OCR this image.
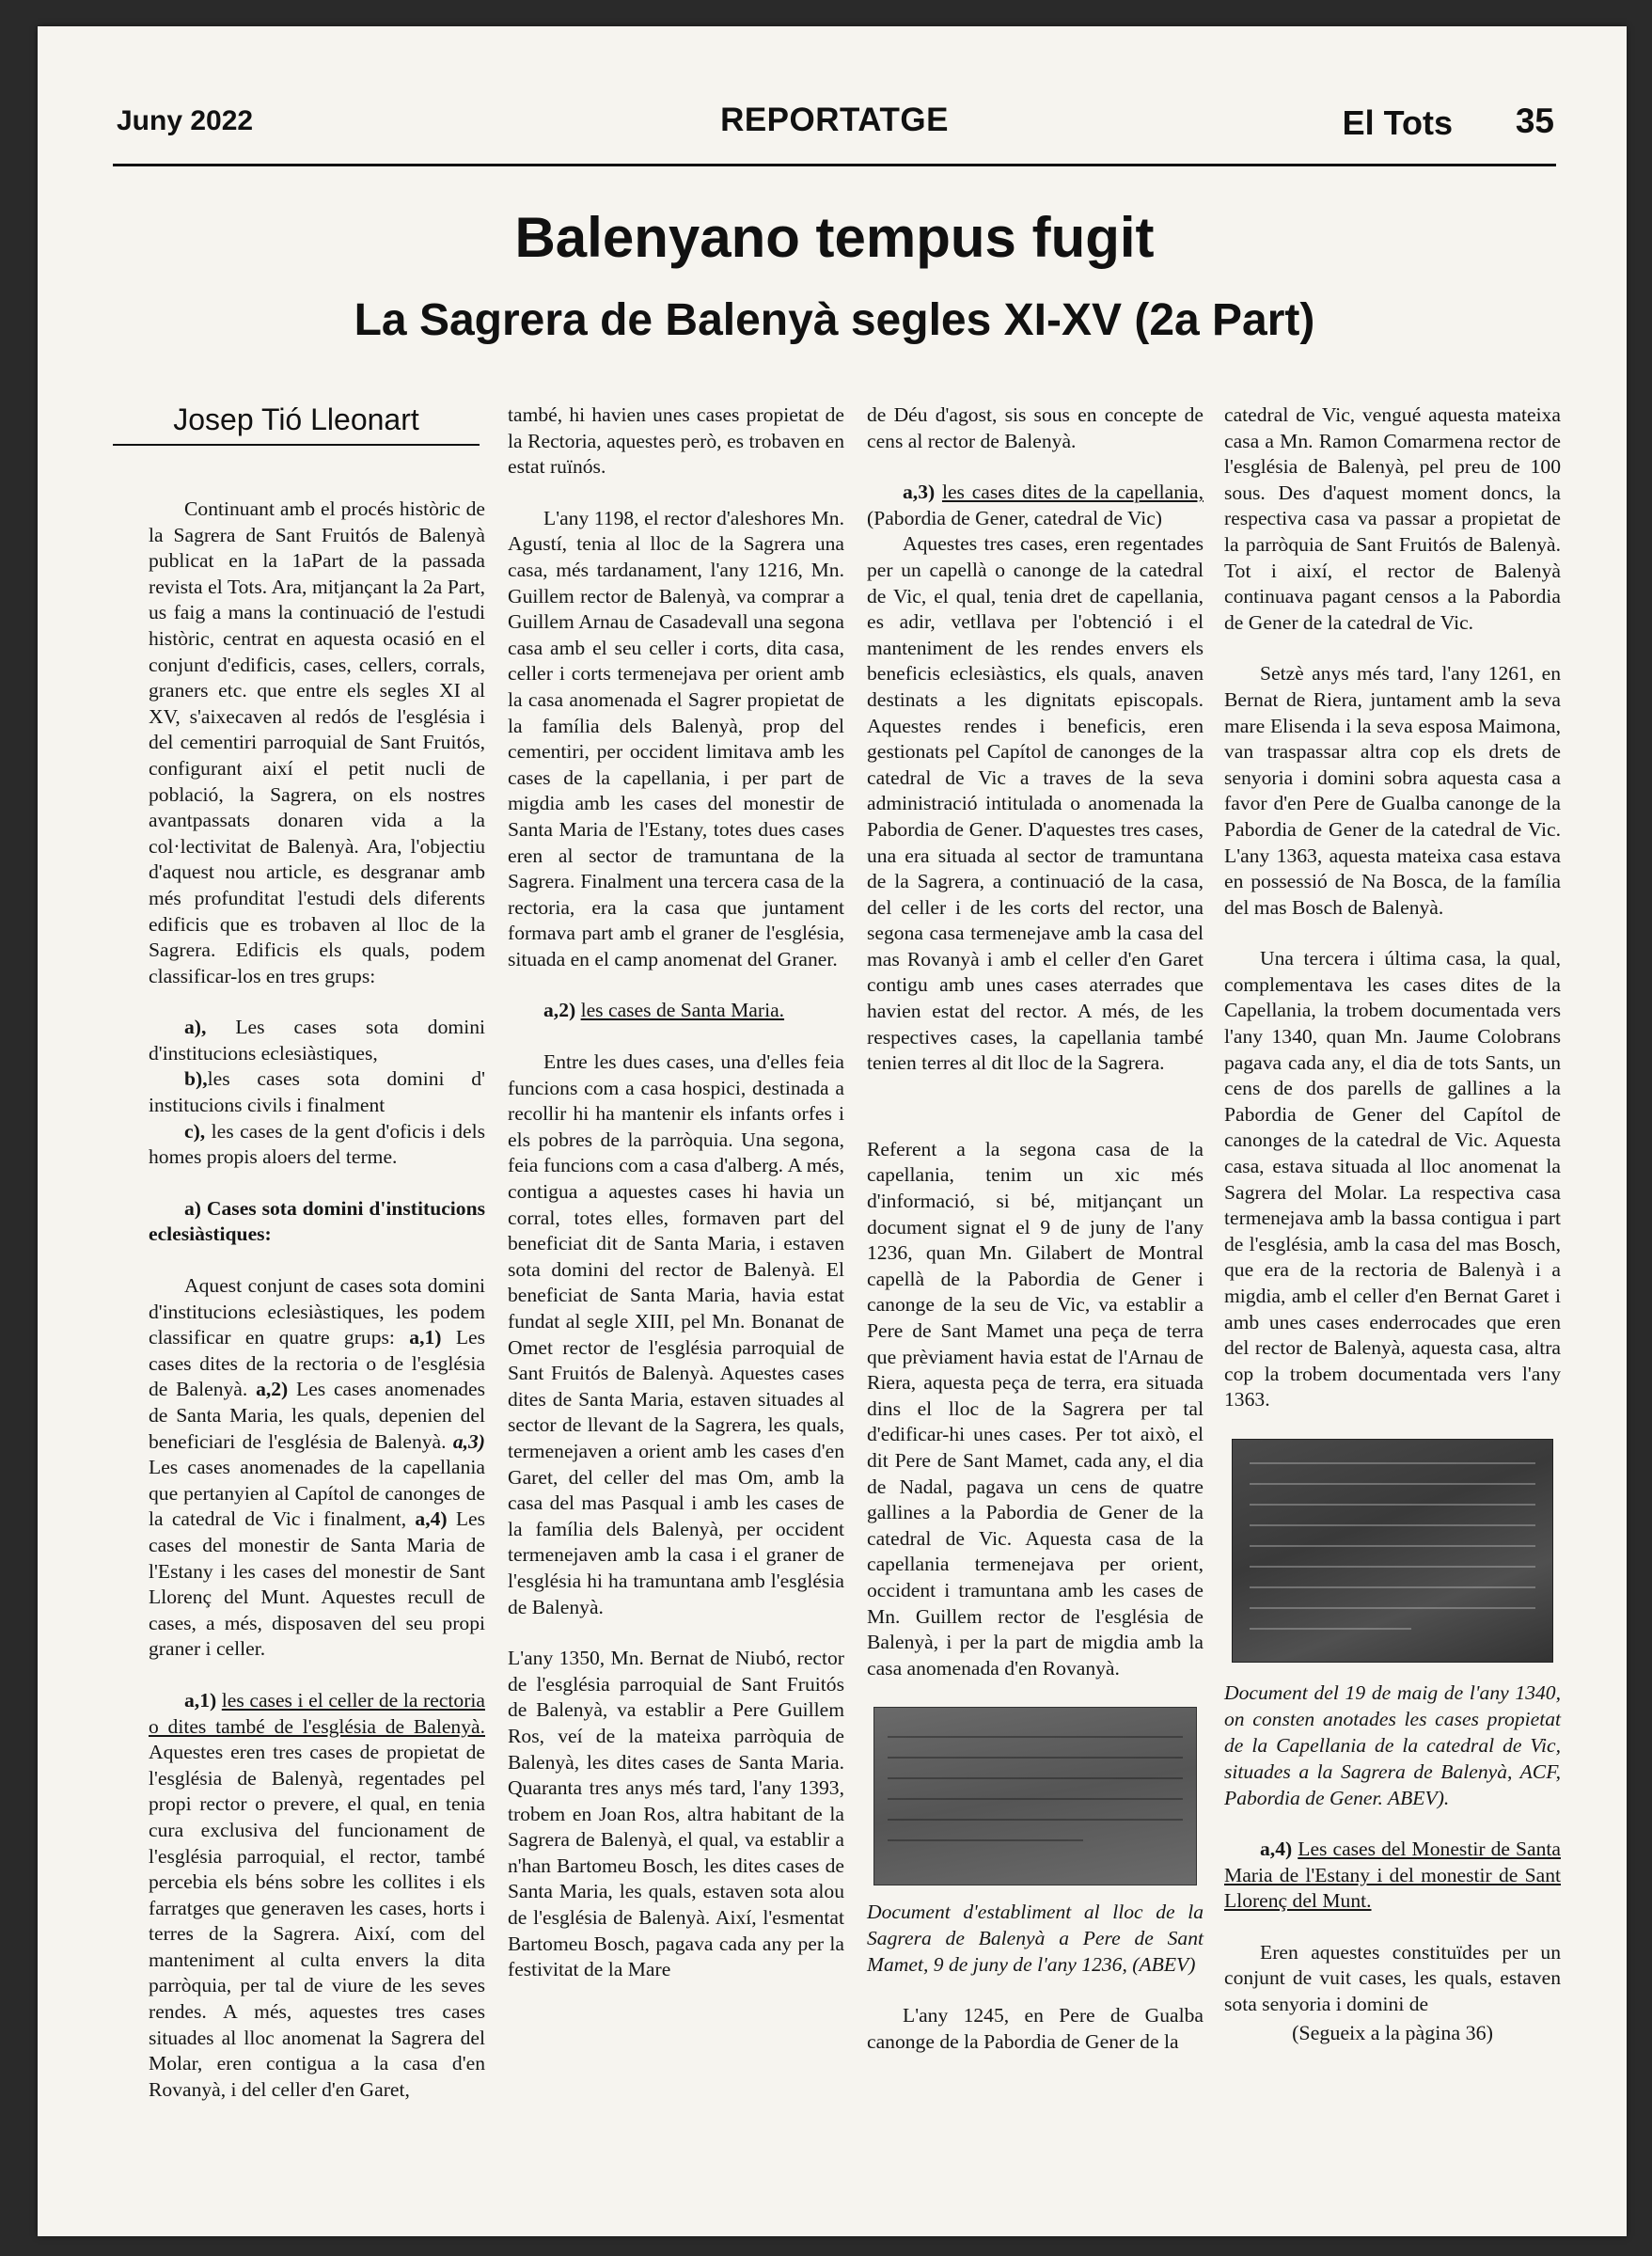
Juny 2022	REPORTATGE	El Tots 35
Balenyano tempus fugit
La Sagrera de Balenyà segles XI-XV (2a Part)
Josep Tió Lleonart

Continuant amb el procés històric de la Sagrera de Sant Fruitós de Balenyà publicat en la 1aPart de la passada revista el Tots. Ara, mitjançant la 2a Part, us faig a mans la continuació de l'estudi històric, centrat en aquesta ocasió en el conjunt d'edificis, cases, cellers, corrals, graners etc. que entre els segles XI al XV, s'aixecaven al redós de l'església i del cementiri parroquial de Sant Fruitós, configurant així el petit nucli de població, la Sagrera, on els nostres avantpassats donaren vida a la col·lectivitat de Balenyà. Ara, l'objectiu d'aquest nou article, es desgranar amb més profunditat l'estudi dels diferents edificis que es trobaven al lloc de la Sagrera. Edificis els quals, podem classificar-los en tres grups:

a), Les cases sota domini d'institucions eclesiàstiques,

b),les cases sota domini d' institucions civils i finalment

c), les cases de la gent d'oficis i dels homes propis aloers del terme.

a) Cases sota domini d'institucions eclesiàstiques:

Aquest conjunt de cases sota domini d'institucions eclesiàstiques, les podem classificar en quatre grups: a,1) Les cases dites de la rectoria o de l'església de Balenyà. a,2) Les cases anomenades de Santa Maria, les quals, depenien del beneficiari de l'església de Balenyà. a,3) Les cases anomenades de la capellania que pertanyien al Capítol de canonges de la catedral de Vic i finalment, a,4) Les cases del monestir de Santa Maria de l'Estany i les cases del monestir de Sant Llorenç del Munt. Aquestes recull de cases, a més, disposaven del seu propi graner i celler.

a,1) les cases i el celler de la rectoria o dites també de l'església de Balenyà. Aquestes eren tres cases de propietat de l'església de Balenyà, regentades pel propi rector o prevere, el qual, en tenia cura exclusiva del funcionament de l'església parroquial, el rector, també percebia els béns sobre les collites i els farratges que generaven les cases, horts i terres de la Sagrera. Així, com del manteniment al culta envers la dita parròquia, per tal de viure de les seves rendes. A més, aquestes tres cases situades al lloc anomenat la Sagrera del Molar, eren contigua a la casa d'en Rovanyà, i del celler d'en Garet,

també, hi havien unes cases propietat de la Rectoria, aquestes però, es trobaven en estat ruïnós.

L'any 1198, el rector d'aleshores Mn. Agustí, tenia al lloc de la Sagrera una casa, més tardanament, l'any 1216, Mn. Guillem rector de Balenyà, va comprar a Guillem Arnau de Casadevall una segona casa amb el seu celler i corts, dita casa, celler i corts termenejava per orient amb la casa anomenada el Sagrer propietat de la família dels Balenyà, prop del cementiri, per occident limitava amb les cases de la capellania, i per part de migdia amb les cases del monestir de Santa Maria de l'Estany, totes dues cases eren al sector de tramuntana de la Sagrera. Finalment una tercera casa de la rectoria, era la casa que juntament formava part amb el graner de l'església, situada en el camp anomenat del Graner.

a,2) les cases de Santa Maria.

Entre les dues cases, una d'elles feia funcions com a casa hospici, destinada a recollir hi ha mantenir els infants orfes i els pobres de la parròquia. Una segona, feia funcions com a casa d'alberg. A més, contigua a aquestes cases hi havia un corral, totes elles, formaven part del beneficiat dit de Santa Maria, i estaven sota domini del rector de Balenyà. El beneficiat de Santa Maria, havia estat fundat al segle XIII, pel Mn. Bonanat de Omet rector de l'església parroquial de Sant Fruitós de Balenyà. Aquestes cases dites de Santa Maria, estaven situades al sector de llevant de la Sagrera, les quals, termenejaven a orient amb les cases d'en Garet, del celler del mas Om, amb la casa del mas Pasqual i amb les cases de la família dels Balenyà, per occident termenejaven amb la casa i el graner de l'església hi ha tramuntana amb l'església de Balenyà.

L'any 1350, Mn. Bernat de Niubó, rector de l'església parroquial de Sant Fruitós de Balenyà, va establir a Pere Guillem Ros, veí de la mateixa parròquia de Balenyà, les dites cases de Santa Maria. Quaranta tres anys més tard, l'any 1393, trobem en Joan Ros, altra habitant de la Sagrera de Balenyà, el qual, va establir a n'han Bartomeu Bosch, les dites cases de Santa Maria, les quals, estaven sota alou de l'església de Balenyà. Així, l'esmentat Bartomeu Bosch, pagava cada any per la festivitat de la Mare

de Déu d'agost, sis sous en concepte de cens al rector de Balenyà.

a,3) les cases dites de la capellania, (Pabordia de Gener, catedral de Vic)

Aquestes tres cases, eren regentades per un capellà o canonge de la catedral de Vic, el qual, tenia dret de capellania, es adir, vetllava per l'obtenció i el manteniment de les rendes envers els beneficis eclesiàstics, els quals, anaven destinats a les dignitats episcopals. Aquestes rendes i beneficis, eren gestionats pel Capítol de canonges de la catedral de Vic a traves de la seva administració intitulada o anomenada la Pabordia de Gener. D'aquestes tres cases, una era situada al sector de tramuntana de la Sagrera, a continuació de la casa, del celler i de les corts del rector, una segona casa termenejave amb la casa del mas Rovanyà i amb el celler d'en Garet contigu amb unes cases aterrades que havien estat del rector. A més, de les respectives cases, la capellania també tenien terres al dit lloc de la Sagrera.

Referent a la segona casa de la capellania, tenim un xic més d'informació, si bé, mitjançant un document signat el 9 de juny de l'any 1236, quan Mn. Gilabert de Montral capellà de la Pabordia de Gener i canonge de la seu de Vic, va establir a Pere de Sant Mamet una peça de terra que prèviament havia estat de l'Arnau de Riera, aquesta peça de terra, era situada dins el lloc de la Sagrera per tal d'edificar-hi unes cases. Per tot això, el dit Pere de Sant Mamet, cada any, el dia de Nadal, pagava un cens de quatre gallines a la Pabordia de Gener de la catedral de Vic. Aquesta casa de la capellania termenejava per orient, occident i tramuntana amb les cases de Mn. Guillem rector de l'església de Balenyà, i per la part de migdia amb la casa anomenada d'en Rovanyà.

Document d'establiment al lloc de la Sagrera de Balenyà a Pere de Sant Mamet, 9 de juny de l'any 1236, (ABEV)

L'any 1245, en Pere de Gualba canonge de la Pabordia de Gener de la

catedral de Vic, vengué aquesta mateixa casa a Mn. Ramon Comarmena rector de l'església de Balenyà, pel preu de 100 sous. Des d'aquest moment doncs, la respectiva casa va passar a propietat de la parròquia de Sant Fruitós de Balenyà. Tot i així, el rector de Balenyà continuava pagant censos a la Pabordia de Gener de la catedral de Vic.

Setzè anys més tard, l'any 1261, en Bernat de Riera, juntament amb la seva mare Elisenda i la seva esposa Maimona, van traspassar altra cop els drets de senyoria i domini sobra aquesta casa a favor d'en Pere de Gualba canonge de la Pabordia de Gener de la catedral de Vic. L'any 1363, aquesta mateixa casa estava en possessió de Na Bosca, de la família del mas Bosch de Balenyà.

Una tercera i última casa, la qual, complementava les cases dites de la Capellania, la trobem documentada vers l'any 1340, quan Mn. Jaume Colobrans pagava cada any, el dia de tots Sants, un cens de dos parells de gallines a la Pabordia de Gener del Capítol de canonges de la catedral de Vic. Aquesta casa, estava situada al lloc anomenat la Sagrera del Molar. La respectiva casa termenejava amb la bassa contigua i part de l'església, amb la casa del mas Bosch, que era de la rectoria de Balenyà i a migdia, amb el celler d'en Bernat Garet i amb unes cases enderrocades que eren del rector de Balenyà, aquesta casa, altra cop la trobem documentada vers l'any 1363.

Document del 19 de maig de l'any 1340, on consten anotades les cases propietat de la Capellania de la catedral de Vic, situades a la Sagrera de Balenyà, ACF, Pabordia de Gener. ABEV).

a,4) Les cases del Monestir de Santa Maria de l'Estany i del monestir de Sant Llorenç del Munt.

Eren aquestes constituïdes per un conjunt de vuit cases, les quals, estaven sota senyoria i domini de

(Segueix a la pàgina 36)
